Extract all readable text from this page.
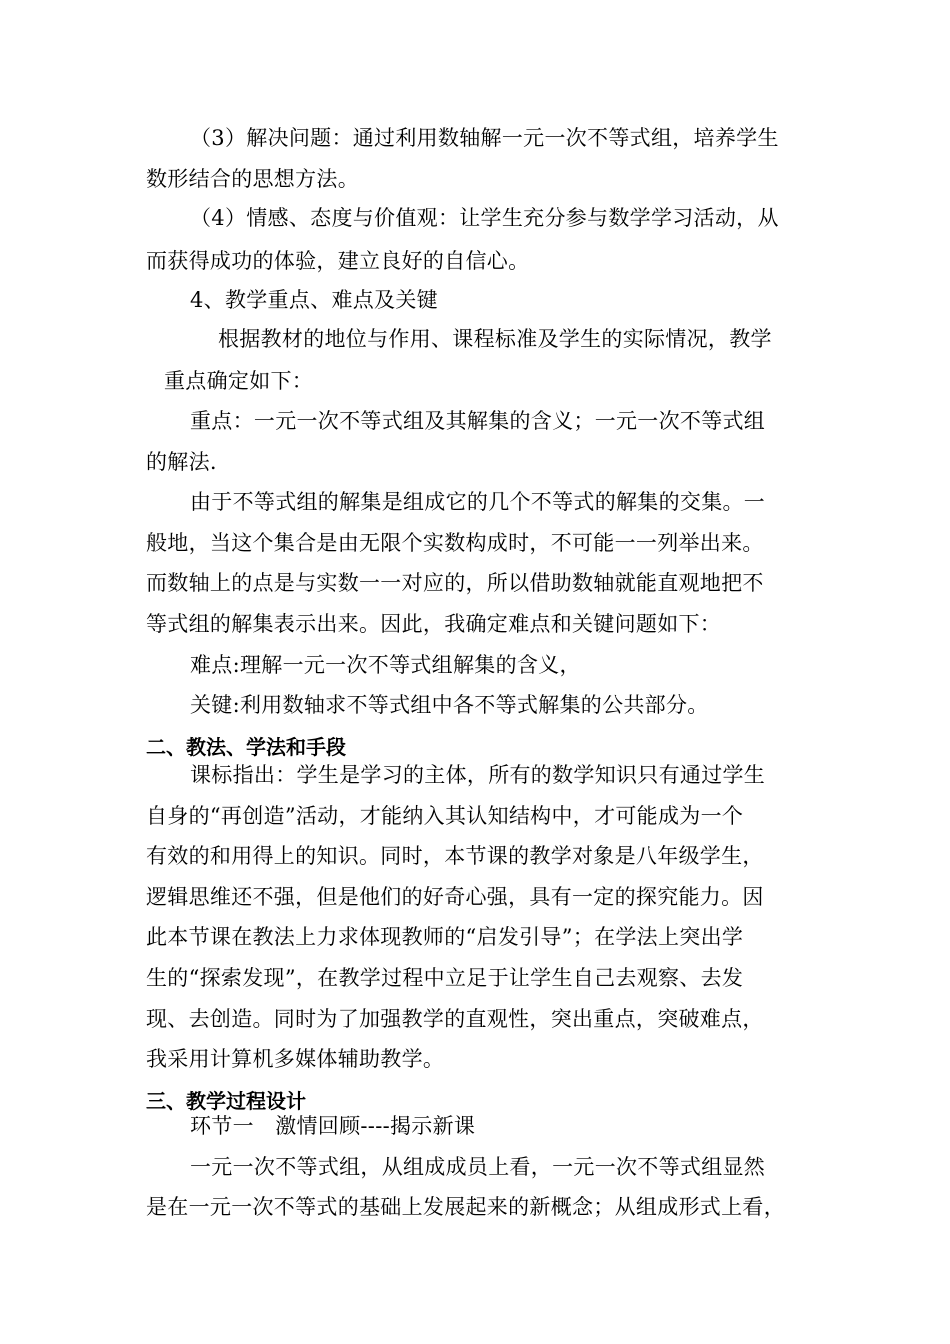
（3）解决问题：通过利用数轴解一元一次不等式组，培养学生
数形结合的思想方法。
（4）情感、态度与价值观：让学生充分参与数学学习活动，从
而获得成功的体验，建立良好的自信心。
4、教学重点、难点及关键
根据教材的地位与作用、课程标准及学生的实际情况，教学
重点确定如下：
重点：一元一次不等式组及其解集的含义；一元一次不等式组
的解法.
由于不等式组的解集是组成它的几个不等式的解集的交集。一
般地，当这个集合是由无限个实数构成时，不可能一一列举出来。
而数轴上的点是与实数一一对应的，所以借助数轴就能直观地把不
等式组的解集表示出来。因此，我确定难点和关键问题如下：
难点:理解一元一次不等式组解集的含义，
关键:利用数轴求不等式组中各不等式解集的公共部分。
二、教法、学法和手段
课标指出：学生是学习的主体，所有的数学知识只有通过学生
自身的“再创造”活动，才能纳入其认知结构中，才可能成为一个
有效的和用得上的知识。同时，本节课的教学对象是八年级学生，
逻辑思维还不强，但是他们的好奇心强，具有一定的探究能力。因
此本节课在教法上力求体现教师的“启发引导”；在学法上突出学
生的“探索发现”，在教学过程中立足于让学生自己去观察、去发
现、去创造。同时为了加强教学的直观性，突出重点，突破难点，
我采用计算机多媒体辅助教学。
三、教学过程设计
环节一　激情回顾----揭示新课
一元一次不等式组，从组成成员上看，一元一次不等式组显然
是在一元一次不等式的基础上发展起来的新概念；从组成形式上看，
